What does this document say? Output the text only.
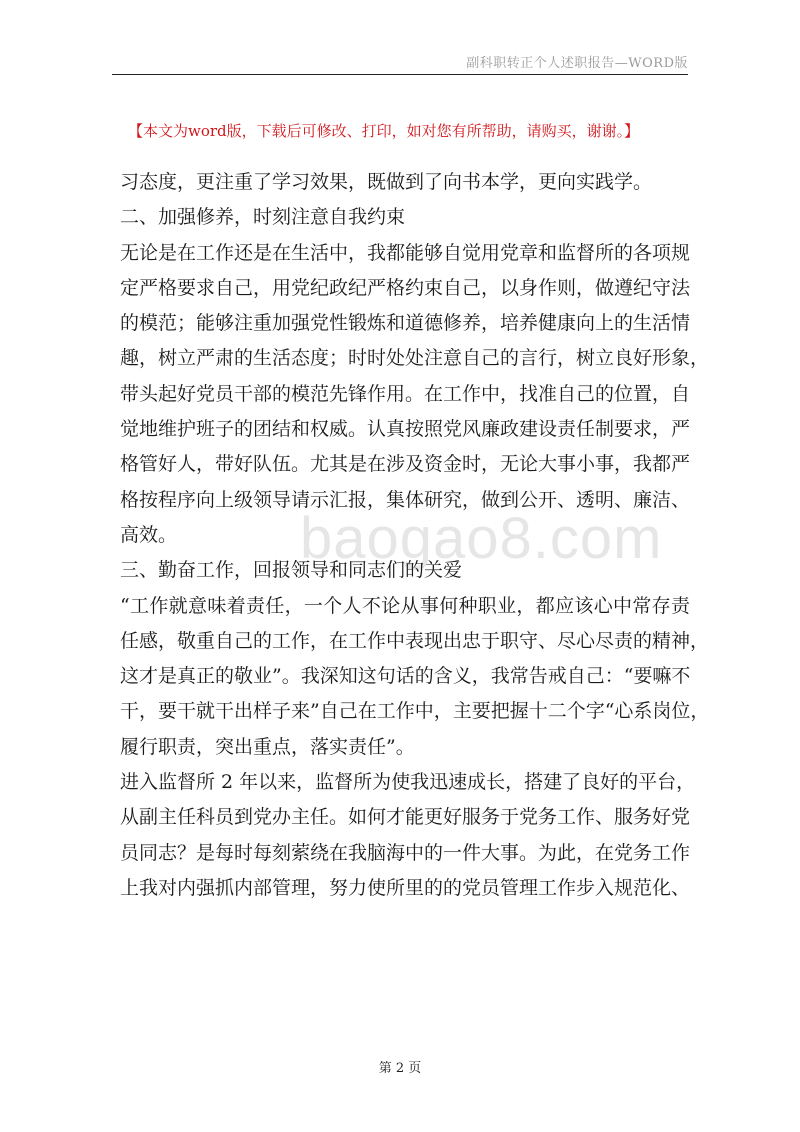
副科职转正个人述职报告—WORD版
baogao8.com
【本文为word版，下载后可修改、打印，如对您有所帮助，请购买，谢谢。】
习态度，更注重了学习效果，既做到了向书本学，更向实践学。
二、加强修养，时刻注意自我约束
无论是在工作还是在生活中，我都能够自觉用党章和监督所的各项规
定严格要求自己，用党纪政纪严格约束自己，以身作则，做遵纪守法
的模范；能够注重加强党性锻炼和道德修养，培养健康向上的生活情
趣，树立严肃的生活态度；时时处处注意自己的言行，树立良好形象，
带头起好党员干部的模范先锋作用。在工作中，找准自己的位置，自
觉地维护班子的团结和权威。认真按照党风廉政建设责任制要求，严
格管好人，带好队伍。尤其是在涉及资金时，无论大事小事，我都严
格按程序向上级领导请示汇报，集体研究，做到公开、透明、廉洁、
高效。
三、勤奋工作，回报领导和同志们的关爱
“工作就意味着责任，一个人不论从事何种职业，都应该心中常存责
任感，敬重自己的工作，在工作中表现出忠于职守、尽心尽责的精神，
这才是真正的敬业”。我深知这句话的含义，我常告戒自己：“要嘛不
干，要干就干出样子来”自己在工作中，主要把握十二个字“心系岗位，
履行职责，突出重点，落实责任”。
进入监督所 2 年以来，监督所为使我迅速成长，搭建了良好的平台，
从副主任科员到党办主任。如何才能更好服务于党务工作、服务好党
员同志？是每时每刻萦绕在我脑海中的一件大事。为此，在党务工作
上我对内强抓内部管理，努力使所里的的党员管理工作步入规范化、
第 2 页
